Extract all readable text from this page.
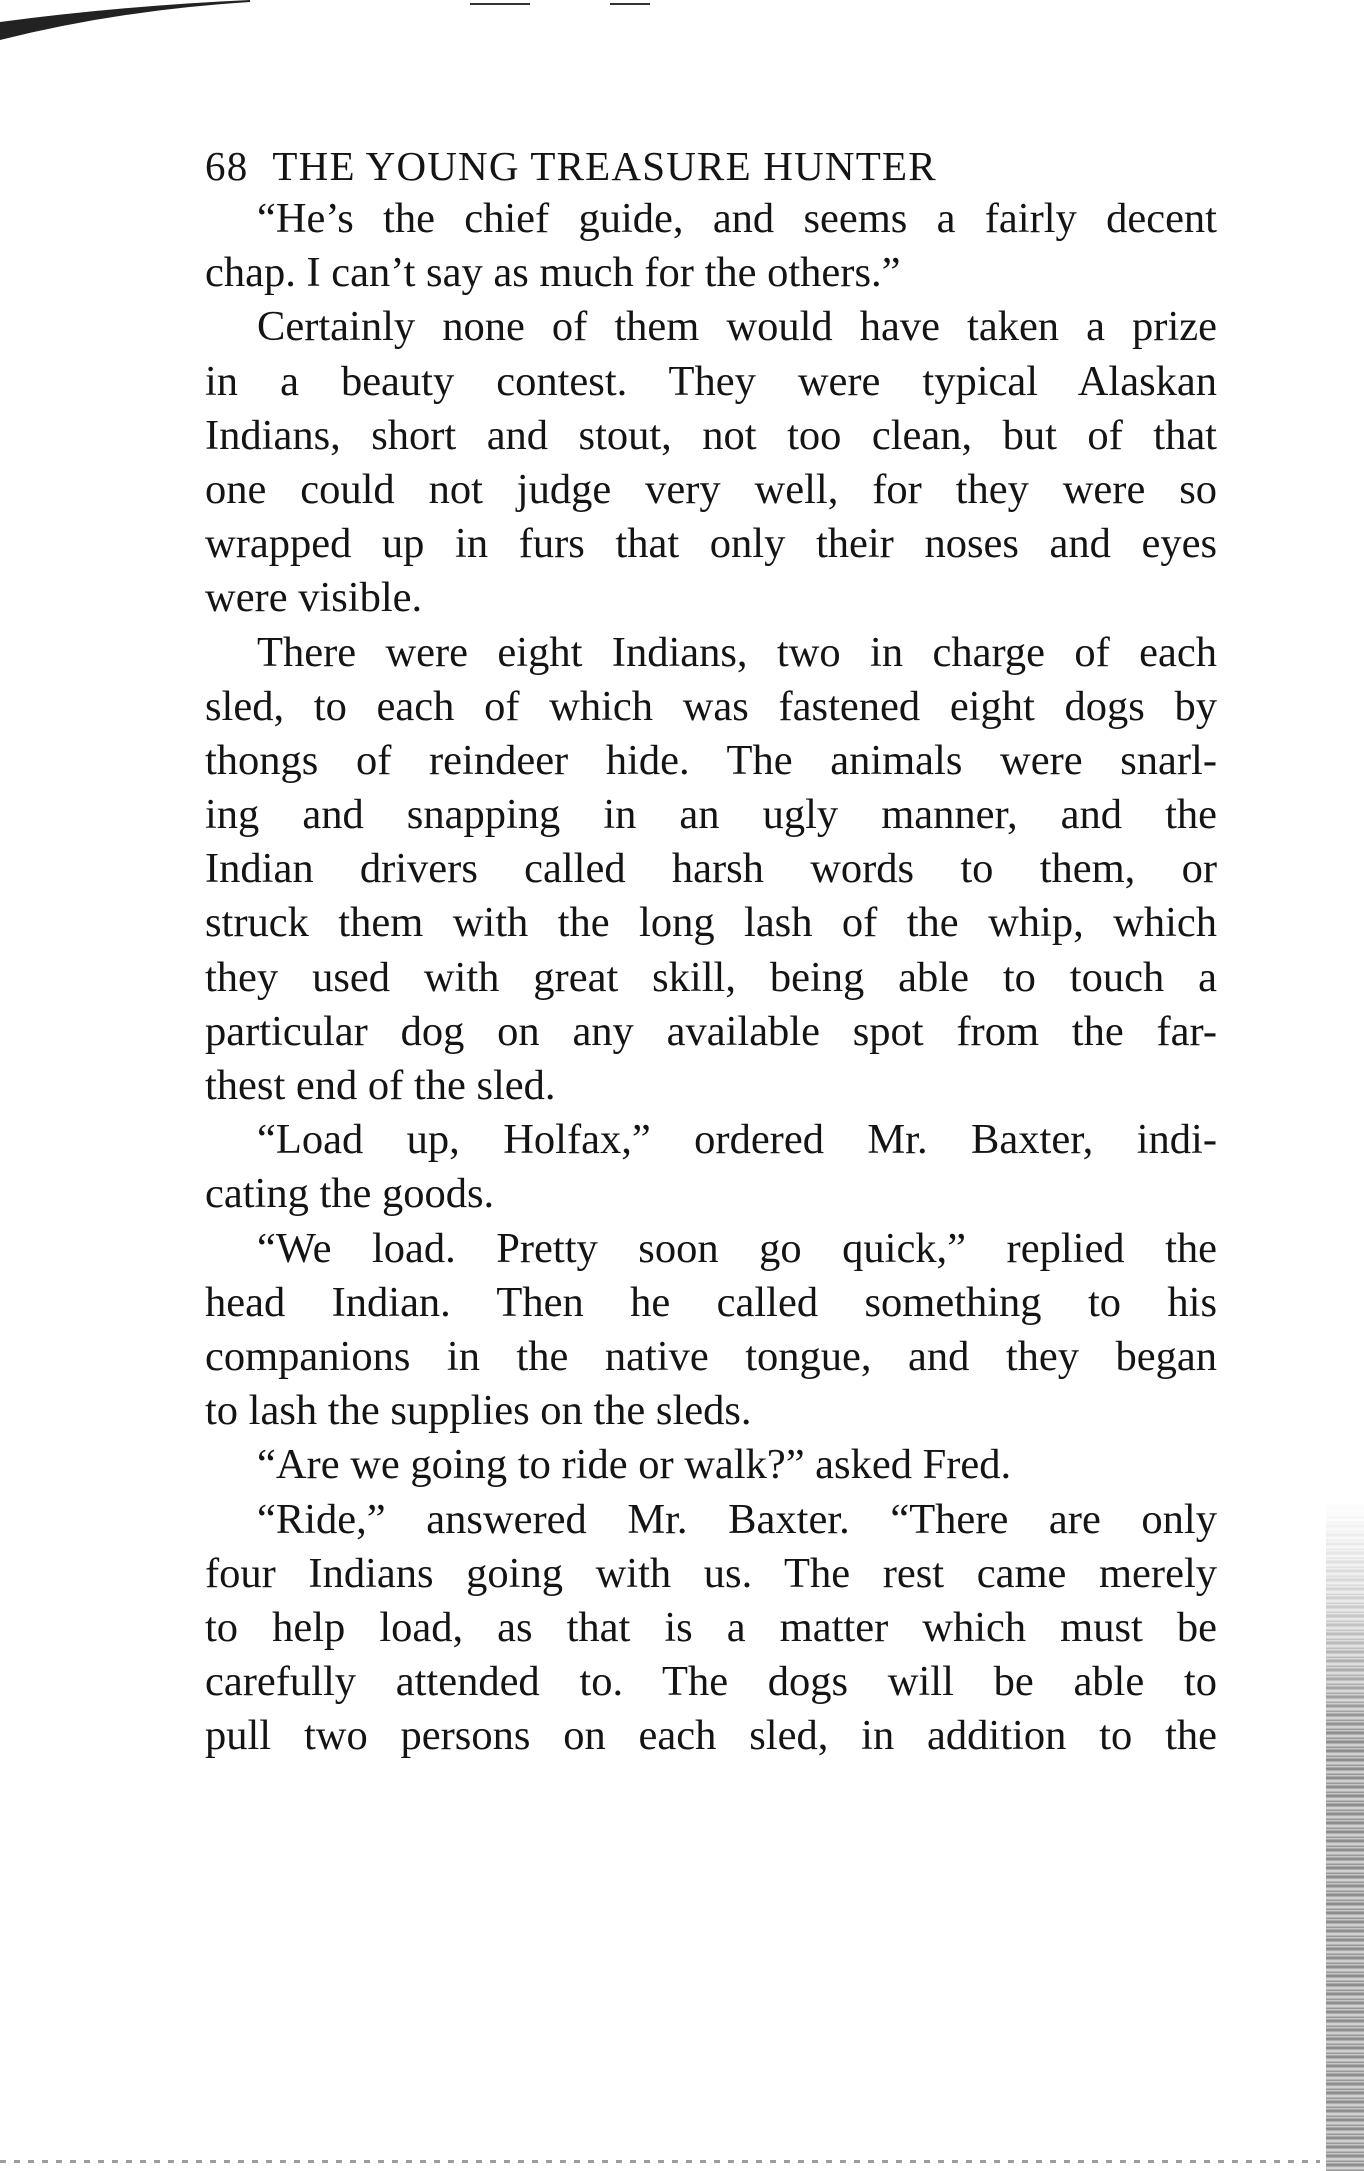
68 THE YOUNG TREASURE HUNTER
“He’s the chief guide, and seems a fairly decent
chap. I can’t say as much for the others.”
Certainly none of them would have taken a prize
in a beauty contest. They were typical Alaskan
Indians, short and stout, not too clean, but of that
one could not judge very well, for they were so
wrapped up in furs that only their noses and eyes
were visible.
There were eight Indians, two in charge of each
sled, to each of which was fastened eight dogs by
thongs of reindeer hide. The animals were snarl-
ing and snapping in an ugly manner, and the
Indian drivers called harsh words to them, or
struck them with the long lash of the whip, which
they used with great skill, being able to touch a
particular dog on any available spot from the far-
thest end of the sled.
“Load up, Holfax,” ordered Mr. Baxter, indi-
cating the goods.
“We load. Pretty soon go quick,” replied the
head Indian. Then he called something to his
companions in the native tongue, and they began
to lash the supplies on the sleds.
“Are we going to ride or walk?” asked Fred.
“Ride,” answered Mr. Baxter. “There are only
four Indians going with us. The rest came merely
to help load, as that is a matter which must be
carefully attended to. The dogs will be able to
pull two persons on each sled, in addition to the
